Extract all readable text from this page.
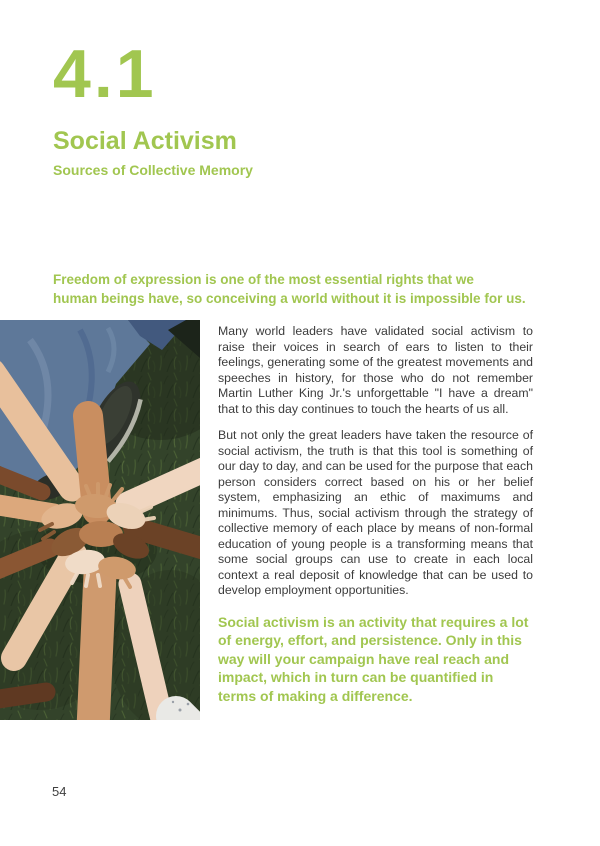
4.1
Social Activism
Sources of Collective Memory
Freedom of expression is one of the most essential rights that we
human beings have, so conceiving a world without it is impossible for us.

Many world leaders have validated social activism to raise their voices in search of ears to listen to their feelings, generating some of the greatest movements and speeches in history, for those who do not remember Martin Luther King Jr.'s unforgettable "I have a dream" that to this day continues to touch the hearts of us all.

But not only the great leaders have taken the resource of social activism, the truth is that this tool is something of our day to day, and can be used for the purpose that each person considers correct based on his or her belief system, emphasizing an ethic of maximums and minimums. Thus, social activism through the strategy of collective memory of each place by means of non-formal education of young people is a transforming means that some social groups can use to create in each local context a real deposit of knowledge that can be used to develop employment opportunities.

Social activism is an activity that requires a lot of energy, effort, and persistence. Only in this way will your campaign have real reach and impact, which in turn can be quantified in terms of making a difference.

54
